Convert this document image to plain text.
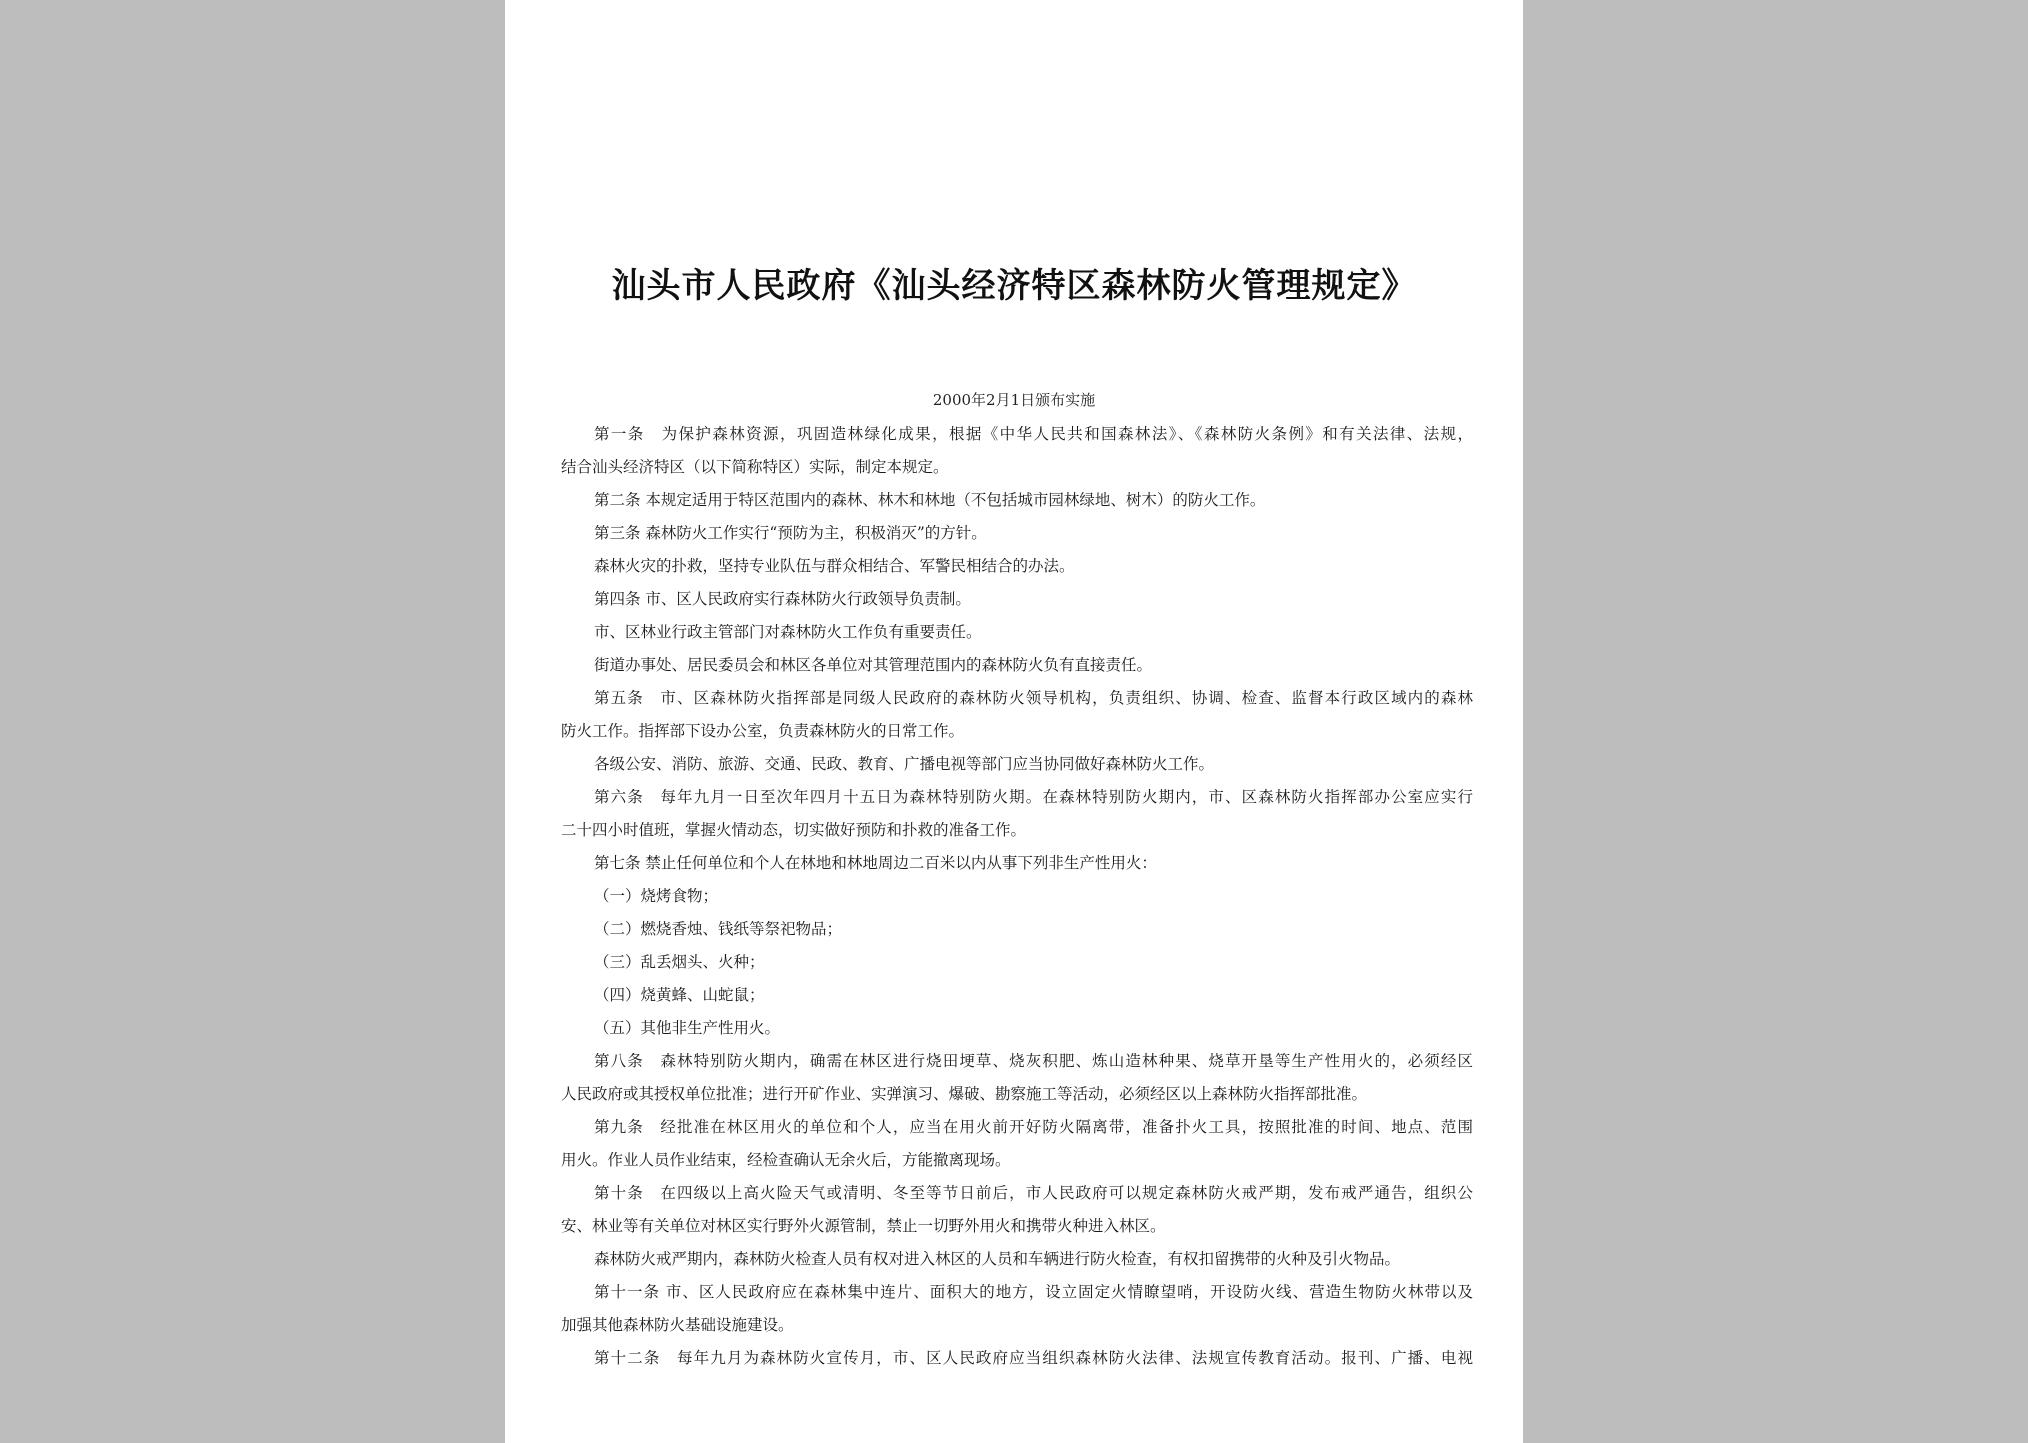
汕头市人民政府《汕头经济特区森林防火管理规定》
2000年2月1日颁布实施
第一条　为保护森林资源，巩固造林绿化成果，根据《中华人民共和国森林法》、《森林防火条例》和有关法律、法规，
结合汕头经济特区（以下简称特区）实际，制定本规定。
第二条 本规定适用于特区范围内的森林、林木和林地（不包括城市园林绿地、树木）的防火工作。
第三条 森林防火工作实行“预防为主，积极消灭”的方针。
森林火灾的扑救，坚持专业队伍与群众相结合、军警民相结合的办法。
第四条 市、区人民政府实行森林防火行政领导负责制。
市、区林业行政主管部门对森林防火工作负有重要责任。
街道办事处、居民委员会和林区各单位对其管理范围内的森林防火负有直接责任。
第五条　市、区森林防火指挥部是同级人民政府的森林防火领导机构，负责组织、协调、检查、监督本行政区域内的森林
防火工作。指挥部下设办公室，负责森林防火的日常工作。
各级公安、消防、旅游、交通、民政、教育、广播电视等部门应当协同做好森林防火工作。
第六条　每年九月一日至次年四月十五日为森林特别防火期。在森林特别防火期内，市、区森林防火指挥部办公室应实行
二十四小时值班，掌握火情动态，切实做好预防和扑救的准备工作。
第七条 禁止任何单位和个人在林地和林地周边二百米以内从事下列非生产性用火：
（一）烧烤食物；
（二）燃烧香烛、钱纸等祭祀物品；
（三）乱丢烟头、火种；
（四）烧黄蜂、山蛇鼠；
（五）其他非生产性用火。
第八条　森林特别防火期内，确需在林区进行烧田埂草、烧灰积肥、炼山造林种果、烧草开垦等生产性用火的，必须经区
人民政府或其授权单位批准；进行开矿作业、实弹演习、爆破、勘察施工等活动，必须经区以上森林防火指挥部批准。
第九条　经批准在林区用火的单位和个人，应当在用火前开好防火隔离带，准备扑火工具，按照批准的时间、地点、范围
用火。作业人员作业结束，经检查确认无余火后，方能撤离现场。
第十条　在四级以上高火险天气或清明、冬至等节日前后，市人民政府可以规定森林防火戒严期，发布戒严通告，组织公
安、林业等有关单位对林区实行野外火源管制，禁止一切野外用火和携带火种进入林区。
森林防火戒严期内，森林防火检查人员有权对进入林区的人员和车辆进行防火检查，有权扣留携带的火种及引火物品。
第十一条 市、区人民政府应在森林集中连片、面积大的地方，设立固定火情瞭望哨，开设防火线、营造生物防火林带以及
加强其他森林防火基础设施建设。
第十二条　每年九月为森林防火宣传月，市、区人民政府应当组织森林防火法律、法规宣传教育活动。报刊、广播、电视
